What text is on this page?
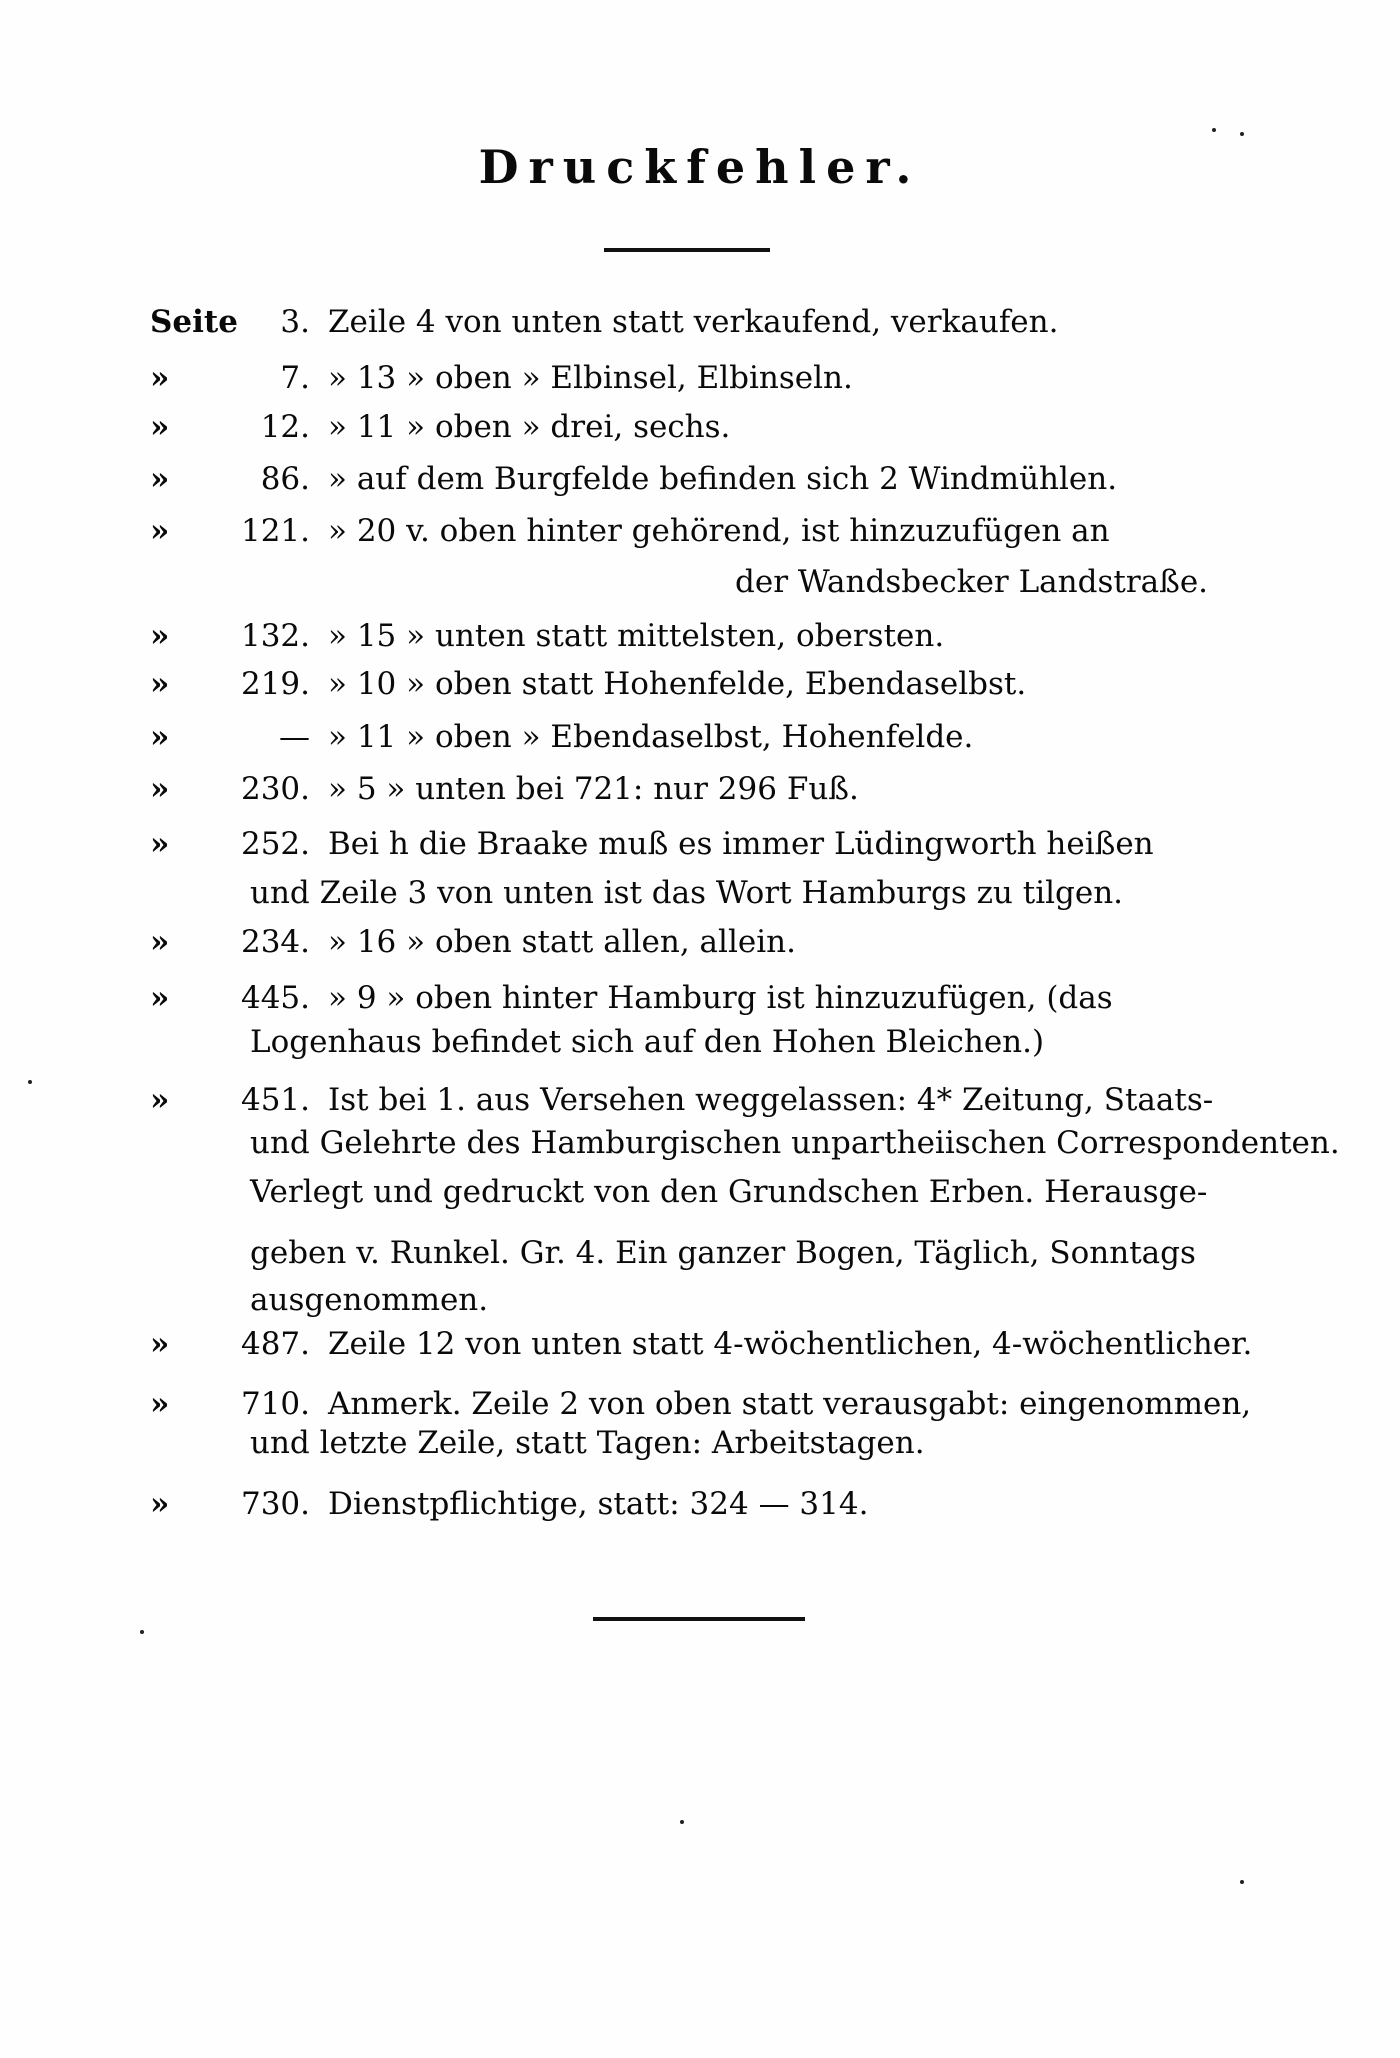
Druckfehler.
Seite	3. Zeile 4 von unten statt verkaufend, verkaufen.
»	7. » 13 » oben » Elbinsel, Elbinseln.
»	12. » 11 » oben » drei, sechs.
»	86. » auf dem Burgfelde befinden sich 2 Windmühlen.
»	121. » 20 v. oben hinter gehörend, ist hinzuzufügen an
der Wandsbecker Landstraße.
»	132. » 15 » unten statt mittelsten, obersten.
»	219. » 10 » oben statt Hohenfelde, Ebendaselbst.
»	— » 11 » oben » Ebendaselbst, Hohenfelde.
»	230. » 5 » unten bei 721: nur 296 Fuß.
»	252. Bei h die Braake muß es immer Lüdingworth heißen
und Zeile 3 von unten ist das Wort Hamburgs zu tilgen.
»	234. » 16 » oben statt allen, allein.
»	445. » 9 » oben hinter Hamburg ist hinzuzufügen, (das
Logenhaus befindet sich auf den Hohen Bleichen.)
»	451. Ist bei 1. aus Versehen weggelassen: 4* Zeitung, Staats-
und Gelehrte des Hamburgischen unpartheiischen Correspondenten.
Verlegt und gedruckt von den Grundschen Erben. Herausge-
geben v. Runkel. Gr. 4. Ein ganzer Bogen, Täglich, Sonntags
ausgenommen.
»	487. Zeile 12 von unten statt 4-wöchentlichen, 4-wöchentlicher.
»	710. Anmerk. Zeile 2 von oben statt verausgabt: eingenommen,
und letzte Zeile, statt Tagen: Arbeitstagen.
»	730. Dienstpflichtige, statt: 324 — 314.
